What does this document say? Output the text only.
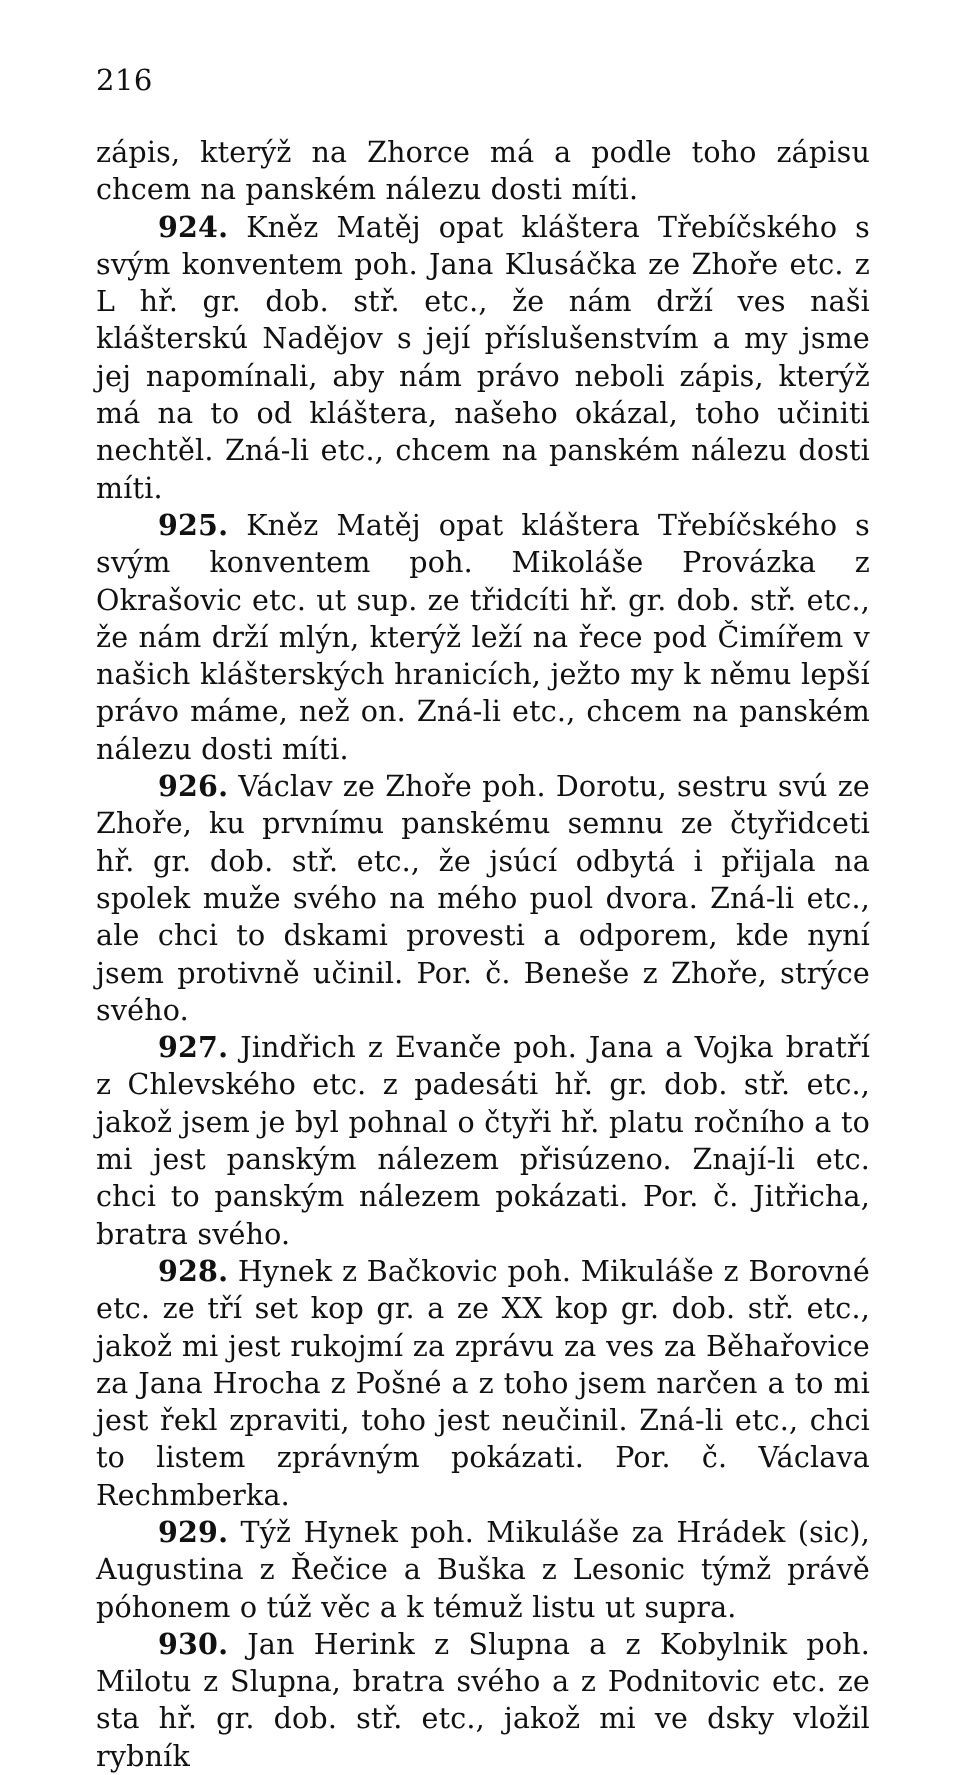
216

zápis, kterýž na Zhorce má a podle toho zápisu chcem na panském nálezu dosti míti.

924. Kněz Matěj opat kláštera Třebíčského s svým konventem poh. Jana Klusáčka ze Zhoře etc. z L hř. gr. dob. stř. etc., že nám drží ves naši klášterskú Nadějov s její příslušenstvím a my jsme jej napomínali, aby nám právo neboli zápis, kterýž má na to od kláštera, našeho okázal, toho učiniti nechtěl. Zná-li etc., chcem na panském nálezu dosti míti.

925. Kněz Matěj opat kláštera Třebíčského s svým konventem poh. Mikoláše Provázka z Okrašovic etc. ut sup. ze třidcíti hř. gr. dob. stř. etc., že nám drží mlýn, kterýž leží na řece pod Čimířem v našich klášterských hranicích, ježto my k němu lepší právo máme, než on. Zná-li etc., chcem na panském nálezu dosti míti.

926. Václav ze Zhoře poh. Dorotu, sestru svú ze Zhoře, ku prvnímu panskému semnu ze čtyřidceti hř. gr. dob. stř. etc., že jsúcí odbytá i přijala na spolek muže svého na mého puol dvora. Zná-li etc., ale chci to dskami provesti a odporem, kde nyní jsem protivně učinil. Por. č. Beneše z Zhoře, strýce svého.

927. Jindřich z Evanče poh. Jana a Vojka bratří z Chlevského etc. z padesáti hř. gr. dob. stř. etc., jakož jsem je byl pohnal o čtyři hř. platu ročního a to mi jest panským nálezem přisúzeno. Znají-li etc. chci to panským nálezem pokázati. Por. č. Jitřicha, bratra svého.

928. Hynek z Bačkovic poh. Mikuláše z Borovné etc. ze tří set kop gr. a ze XX kop gr. dob. stř. etc., jakož mi jest rukojmí za zprávu za ves za Běhařovice za Jana Hrocha z Pošné a z toho jsem narčen a to mi jest řekl zpraviti, toho jest neučinil. Zná-li etc., chci to listem zprávným pokázati. Por. č. Václava Rechmberka.

929. Týž Hynek poh. Mikuláše za Hrádek (sic), Augustina z Řečice a Buška z Lesonic týmž právě póhonem o túž věc a k témuž listu ut supra.

930. Jan Herink z Slupna a z Kobylnik poh. Milotu z Slupna, bratra svého a z Podnitovic etc. ze sta hř. gr. dob. stř. etc., jakož mi ve dsky vložil rybník
